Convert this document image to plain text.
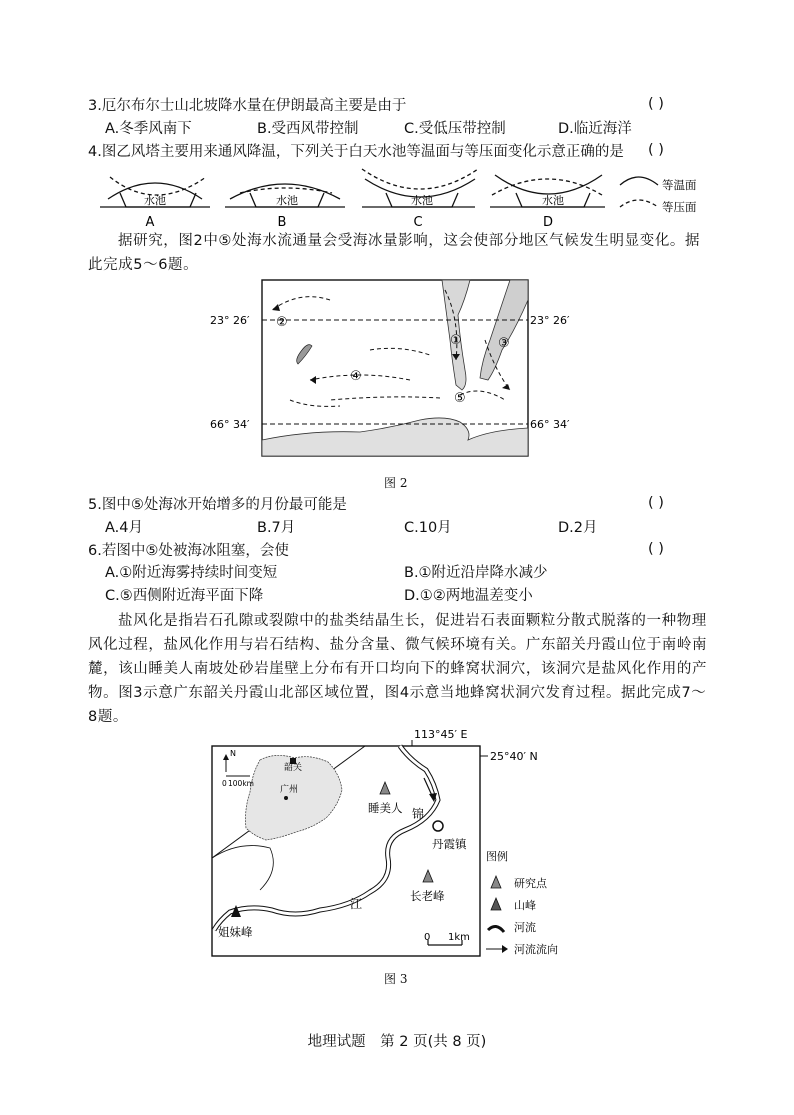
3.厄尔布尔士山北坡降水量在伊朗最高主要是由于	( )
A.冬季风南下	B.受西风带控制	C.受低压带控制	D.临近海洋
4.图乙风塔主要用来通风降温，下列关于白天水池等温面与等压面变化示意正确的是 ( )
水池	水池	水池	水池
A	B	C	D
等温面
等压面
据研究，图2中⑤处海水流通量会受海冰量影响，这会使部分地区气候发生明显变化。据此完成5～6题。
23° 26′	23° 26′
66° 34′	66° 34′
①
②
③
④
⑤
图 2
5.图中⑤处海冰开始增多的月份最可能是	( )
A.4月	B.7月	C.10月	D.2月
6.若图中⑤处被海冰阻塞，会使	( )
A.①附近海雾持续时间变短	B.①附近沿岸降水减少
C.⑤西侧附近海平面下降	D.①②两地温差变小
盐风化是指岩石孔隙或裂隙中的盐类结晶生长，促进岩石表面颗粒分散式脱落的一种物理风化过程，盐风化作用与岩石结构、盐分含量、微气候环境有关。广东韶关丹霞山位于南岭南麓，该山睡美人南坡处砂岩崖壁上分布有开口均向下的蜂窝状洞穴，该洞穴是盐风化作用的产物。图3示意广东韶关丹霞山北部区域位置，图4示意当地蜂窝状洞穴发育过程。据此完成7～8题。
N
0 100km
韶关
广州
113°45′ E
25°40′ N
睡美人 锦
江
丹霞镇
长老峰
姐妹峰
图例
研究点
山峰
河流
河流流向
0 1km
图 3
地理试题　第 2 页(共 8 页)
